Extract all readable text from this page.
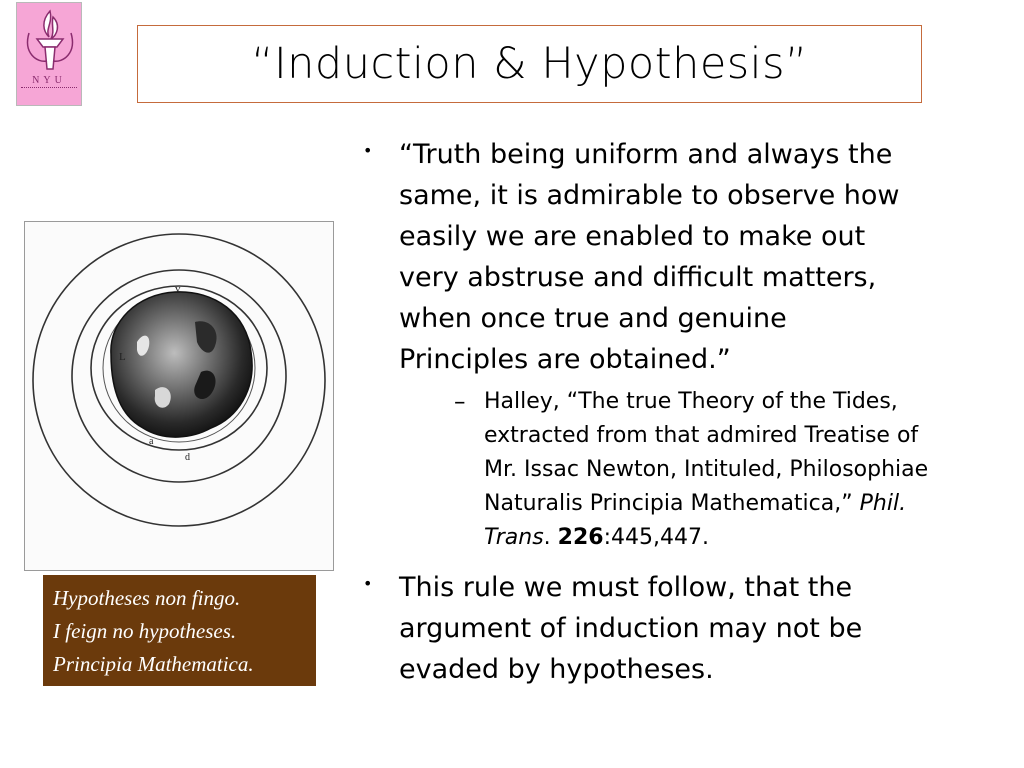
NYU	“Induction & Hypothesis”
v
L
d
a
Hypotheses non fingo.
I feign no hypotheses.
Principia Mathematica.
• “Truth being uniform and always the
same, it is admirable to observe how
easily we are enabled to make out
very abstruse and difficult matters,
when once true and genuine
Principles are obtained.”
– Halley, “The true Theory of the Tides,
extracted from that admired Treatise of
Mr. Issac Newton, Intituled, Philosophiae
Naturalis Principia Mathematica,” Phil.
Trans. 226:445,447.
• This rule we must follow, that the
argument of induction may not be
evaded by hypotheses.
